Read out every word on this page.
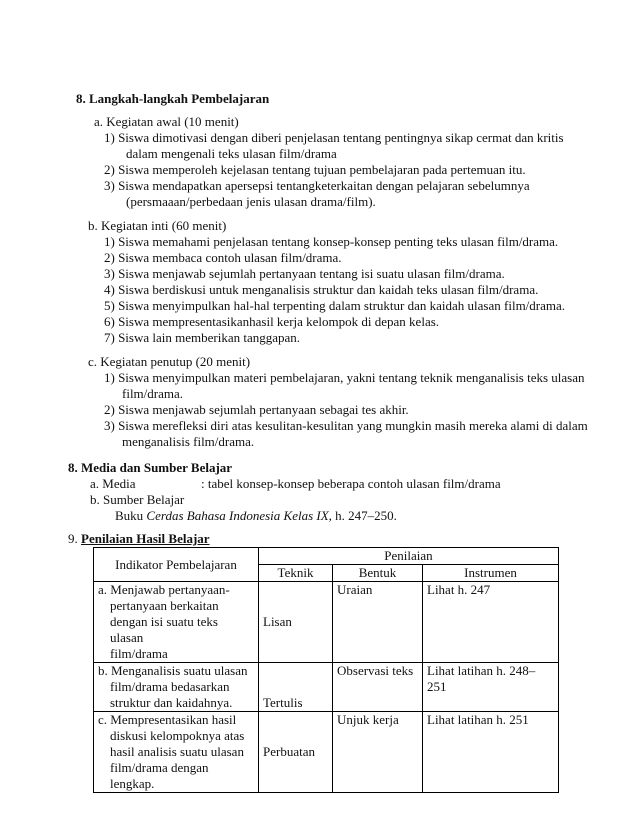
8. Langkah-langkah Pembelajaran
a. Kegiatan awal (10 menit)
1) Siswa dimotivasi dengan diberi penjelasan tentang pentingnya sikap cermat dan kritis
dalam mengenali teks ulasan film/drama
2) Siswa memperoleh kejelasan tentang tujuan pembelajaran pada pertemuan itu.
3) Siswa mendapatkan apersepsi tentangketerkaitan dengan pelajaran sebelumnya
(persmaaan/perbedaan jenis ulasan drama/film).
b. Kegiatan inti (60 menit)
1) Siswa memahami penjelasan tentang konsep-konsep penting teks ulasan film/drama.
2) Siswa membaca contoh ulasan film/drama.
3) Siswa menjawab sejumlah pertanyaan tentang isi suatu ulasan film/drama.
4) Siswa berdiskusi untuk menganalisis struktur dan kaidah teks ulasan film/drama.
5) Siswa menyimpulkan hal-hal terpenting dalam struktur dan kaidah ulasan film/drama.
6) Siswa mempresentasikanhasil kerja kelompok di depan kelas.
7) Siswa lain memberikan tanggapan.
c. Kegiatan penutup (20 menit)
1) Siswa menyimpulkan materi pembelajaran, yakni tentang teknik menganalisis teks ulasan
film/drama.
2) Siswa menjawab sejumlah pertanyaan sebagai tes akhir.
3) Siswa merefleksi diri atas kesulitan-kesulitan yang mungkin masih mereka alami di dalam
menganalisis film/drama.
8. Media dan Sumber Belajar
a. Media	: tabel konsep-konsep beberapa contoh ulasan film/drama
b. Sumber Belajar
Buku Cerdas Bahasa Indonesia Kelas IX, h. 247–250.
9. Penilaian Hasil Belajar
Indikator Pembelajaran	Penilaian		
	Teknik	Bentuk	Instrumen

a. Menjawab pertanyaan-
pertanyaan berkaitan
dengan isi suatu teks ulasan
film/drama	Lisan	Uraian	Lihat h. 247

b. Menganalisis suatu ulasan
film/drama bedasarkan
struktur dan kaidahnya.	Tertulis	Observasi teks	Lihat latihan h. 248–251

c. Mempresentasikan hasil
diskusi kelompoknya atas
hasil analisis suatu ulasan
film/drama dengan lengkap.	Perbuatan	Unjuk kerja	Lihat latihan h. 251
